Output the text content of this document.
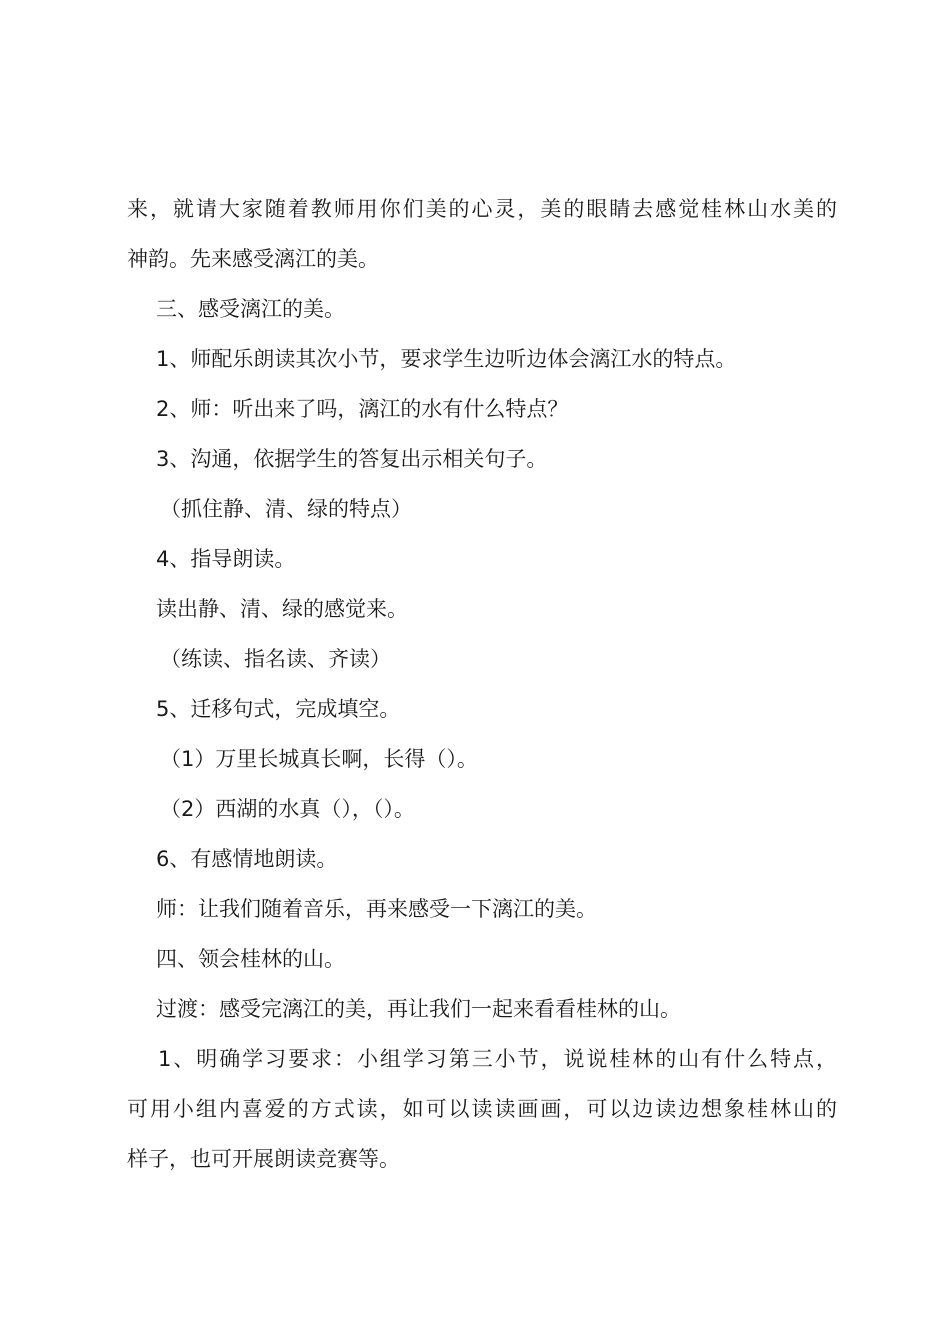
来，就请大家随着教师用你们美的心灵，美的眼睛去感觉桂林山水美的
神韵。先来感受漓江的美。
三、感受漓江的美。
1、师配乐朗读其次小节，要求学生边听边体会漓江水的特点。
2、师：听出来了吗，漓江的水有什么特点？
3、沟通，依据学生的答复出示相关句子。
（抓住静、清、绿的特点）
4、指导朗读。
读出静、清、绿的感觉来。
（练读、指名读、齐读）
5、迁移句式，完成填空。
（1）万里长城真长啊，长得（）。
（2）西湖的水真（），（）。
6、有感情地朗读。
师：让我们随着音乐，再来感受一下漓江的美。
四、领会桂林的山。
过渡：感受完漓江的美，再让我们一起来看看桂林的山。
1、明确学习要求：小组学习第三小节，说说桂林的山有什么特点，
可用小组内喜爱的方式读，如可以读读画画，可以边读边想象桂林山的
样子，也可开展朗读竞赛等。
